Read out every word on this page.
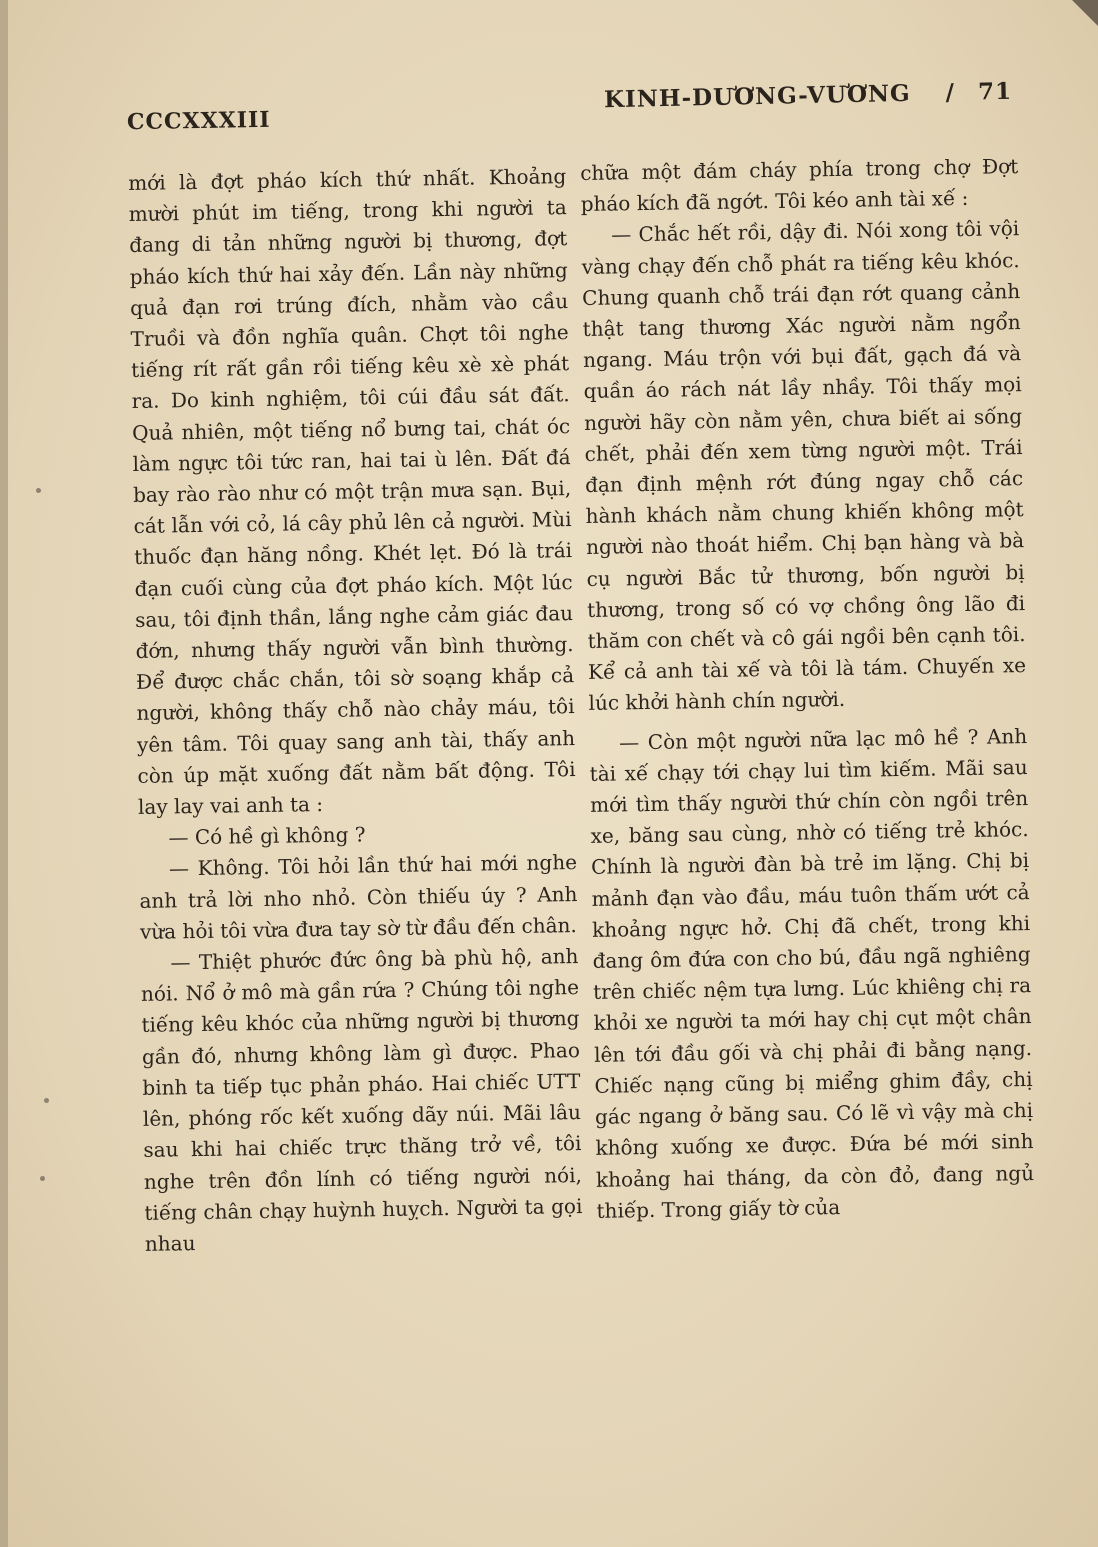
CCCXXXIII
KINH-DƯƠNG-VƯƠNG / 71

mới là đợt pháo kích thứ nhất. Khoảng mười phút im tiếng, trong khi người ta đang di tản những người bị thương, đợt pháo kích thứ hai xảy đến. Lần này những quả đạn rơi trúng đích, nhằm vào cầu Truồi và đồn nghĩa quân. Chợt tôi nghe tiếng rít rất gần rồi tiếng kêu xè xè phát ra. Do kinh nghiệm, tôi cúi đầu sát đất. Quả nhiên, một tiếng nổ bưng tai, chát óc làm ngực tôi tức ran, hai tai ù lên. Đất đá bay rào rào như có một trận mưa sạn. Bụi, cát lẫn với cỏ, lá cây phủ lên cả người. Mùi thuốc đạn hăng nồng. Khét lẹt. Đó là trái đạn cuối cùng của đợt pháo kích. Một lúc sau, tôi định thần, lắng nghe cảm giác đau đớn, nhưng thấy người vẫn bình thường. Để được chắc chắn, tôi sờ soạng khắp cả người, không thấy chỗ nào chảy máu, tôi yên tâm. Tôi quay sang anh tài, thấy anh còn úp mặt xuống đất nằm bất động. Tôi lay lay vai anh ta :

— Có hề gì không ?

— Không. Tôi hỏi lần thứ hai mới nghe anh trả lời nho nhỏ. Còn thiếu úy ? Anh vừa hỏi tôi vừa đưa tay sờ từ đầu đến chân.

— Thiệt phước đức ông bà phù hộ, anh nói. Nổ ở mô mà gần rứa ? Chúng tôi nghe tiếng kêu khóc của những người bị thương gần đó, nhưng không làm gì được. Phao binh ta tiếp tục phản pháo. Hai chiếc UTT lên, phóng rốc kết xuống dãy núi. Mãi lâu sau khi hai chiếc trực thăng trở về, tôi nghe trên đồn lính có tiếng người nói, tiếng chân chạy huỳnh huỵch. Người ta gọi nhau

chữa một đám cháy phía trong chợ Đợt pháo kích đã ngớt. Tôi kéo anh tài xế :

— Chắc hết rồi, dậy đi. Nói xong tôi vội vàng chạy đến chỗ phát ra tiếng kêu khóc. Chung quanh chỗ trái đạn rớt quang cảnh thật tang thương Xác người nằm ngổn ngang. Máu trộn với bụi đất, gạch đá và quần áo rách nát lầy nhầy. Tôi thấy mọi người hãy còn nằm yên, chưa biết ai sống chết, phải đến xem từng người một. Trái đạn định mệnh rớt đúng ngay chỗ các hành khách nằm chung khiến không một người nào thoát hiểm. Chị bạn hàng và bà cụ người Bắc tử thương, bốn người bị thương, trong số có vợ chồng ông lão đi thăm con chết và cô gái ngồi bên cạnh tôi. Kể cả anh tài xế và tôi là tám. Chuyến xe lúc khởi hành chín người.

— Còn một người nữa lạc mô hề ? Anh tài xế chạy tới chạy lui tìm kiếm. Mãi sau mới tìm thấy người thứ chín còn ngồi trên xe, băng sau cùng, nhờ có tiếng trẻ khóc. Chính là người đàn bà trẻ im lặng. Chị bị mảnh đạn vào đầu, máu tuôn thấm ướt cả khoảng ngực hở. Chị đã chết, trong khi đang ôm đứa con cho bú, đầu ngã nghiêng trên chiếc nệm tựa lưng. Lúc khiêng chị ra khỏi xe người ta mới hay chị cụt một chân lên tới đầu gối và chị phải đi bằng nạng. Chiếc nạng cũng bị miểng ghim đầy, chị gác ngang ở băng sau. Có lẽ vì vậy mà chị không xuống xe được. Đứa bé mới sinh khoảng hai tháng, da còn đỏ, đang ngủ thiếp. Trong giấy tờ của
